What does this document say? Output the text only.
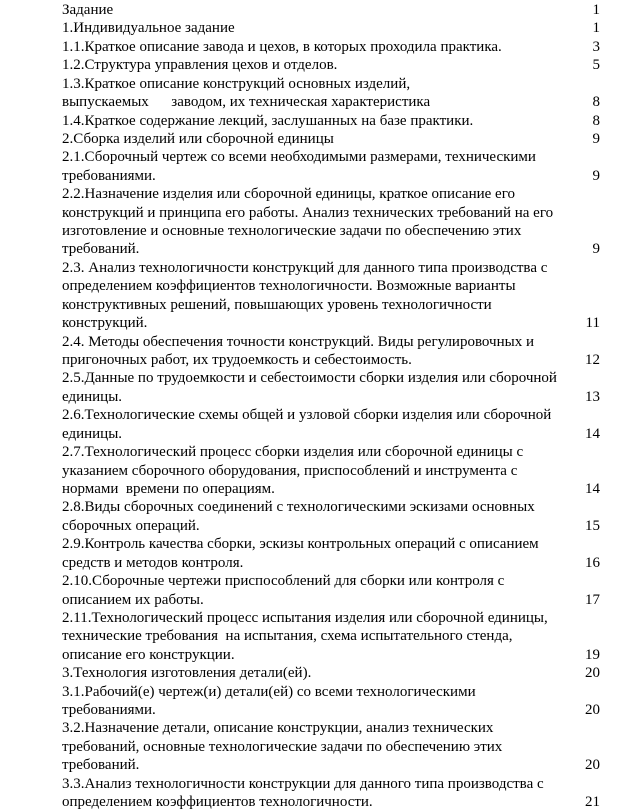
Задание	1
1.Индивидуальное задание	1
1.1.Краткое описание завода и цехов, в которых проходила практика.	3
1.2.Структура управления цехов и отделов.	5
1.3.Краткое описание конструкций основных изделий,
выпускаемых      заводом, их техническая характеристика	8
1.4.Краткое содержание лекций, заслушанных на базе практики.	8
2.Сборка изделий или сборочной единицы	9
2.1.Сборочный чертеж со всеми необходимыми размерами, техническими
требованиями.	9
2.2.Назначение изделия или сборочной единицы, краткое описание его
конструкций и принципа его работы. Анализ технических требований на его
изготовление и основные технологические задачи по обеспечению этих
требований.	9
2.3. Анализ технологичности конструкций для данного типа производства с
определением коэффициентов технологичности. Возможные варианты
конструктивных решений, повышающих уровень технологичности
конструкций.	11
2.4. Методы обеспечения точности конструкций. Виды регулировочных и
пригоночных работ, их трудоемкость и себестоимость.	12
2.5.Данные по трудоемкости и себестоимости сборки изделия или сборочной
единицы.	13
2.6.Технологические схемы общей и узловой сборки изделия или сборочной
единицы.	14
2.7.Технологический процесс сборки изделия или сборочной единицы с
указанием сборочного оборудования, приспособлений и инструмента с
нормами  времени по операциям.	14
2.8.Виды сборочных соединений с технологическими эскизами основных
сборочных операций.	15
2.9.Контроль качества сборки, эскизы контрольных операций с описанием
средств и методов контроля.	16
2.10.Сборочные чертежи приспособлений для сборки или контроля с
описанием их работы.	17
2.11.Технологический процесс испытания изделия или сборочной единицы,
технические требования  на испытания, схема испытательного стенда,
описание его конструкции.	19
3.Технология изготовления детали(ей).	20
3.1.Рабочий(е) чертеж(и) детали(ей) со всеми технологическими
требованиями.	20
3.2.Назначение детали, описание конструкции, анализ технических
требований, основные технологические задачи по обеспечению этих
требований.	20
3.3.Анализ технологичности конструкции для данного типа производства с
определением коэффициентов технологичности.	21
